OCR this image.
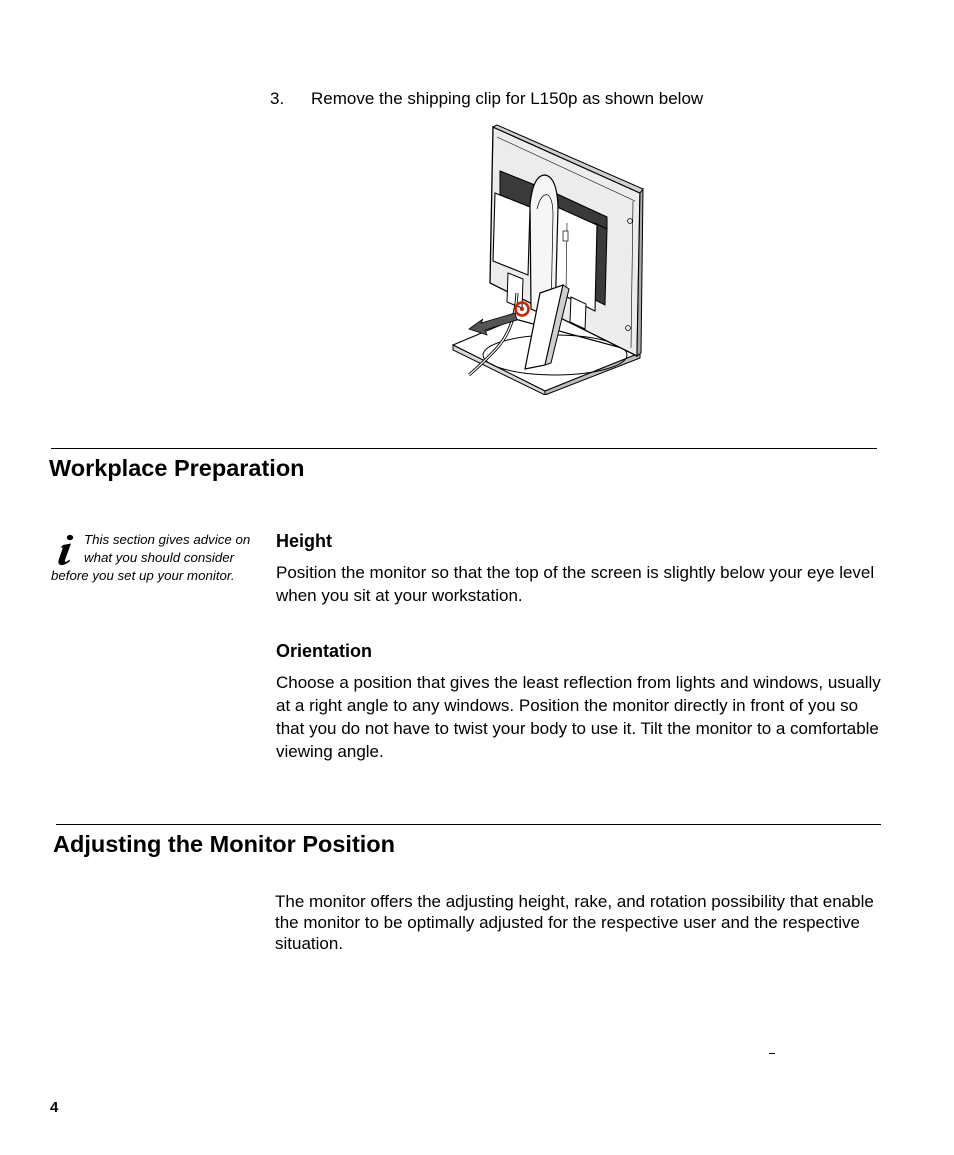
3. Remove the shipping clip for L150p as shown below
Workplace Preparation
This section gives advice on
what you should consider
before you set up your monitor.
Height
Position the monitor so that the top of the screen is slightly below your eye level when you sit at your workstation.
Orientation
Choose a position that gives the least reflection from lights and windows, usually at a right angle to any windows. Position the monitor directly in front of you so that you do not have to twist your body to use it. Tilt the monitor to a comfortable viewing angle.
Adjusting the Monitor Position
The monitor offers the adjusting height, rake, and rotation possibility that enable the monitor to be optimally adjusted for the respective user and the respective situation.
4
